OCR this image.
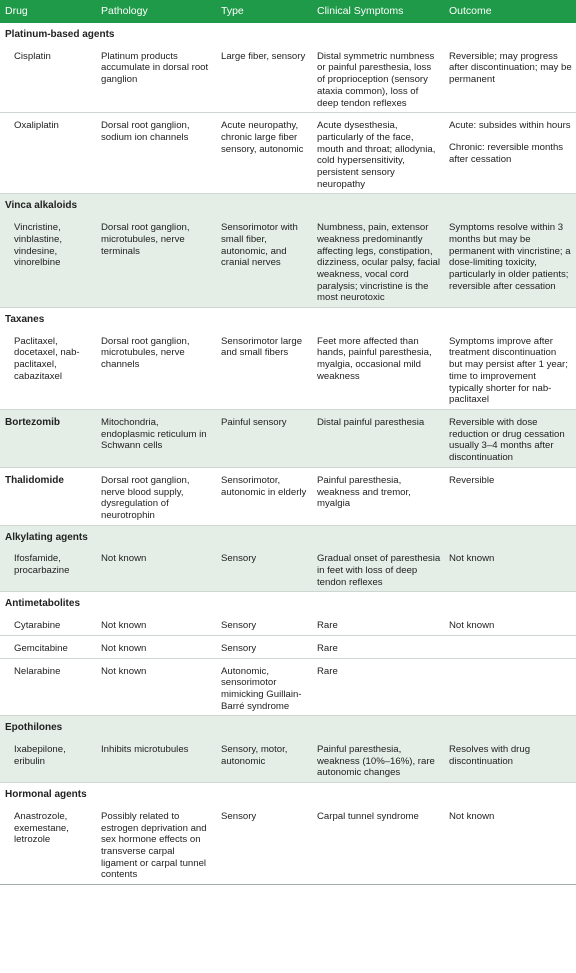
Drug	Pathology	Type	Clinical Symptoms	Outcome
Platinum-based agents				
Cisplatin	Platinum products accumulate in dorsal root ganglion	Large fiber, sensory	Distal symmetric numbness or painful paresthesia, loss of proprioception (sensory ataxia common), loss of deep tendon reflexes	Reversible; may progress after discontinuation; may be permanent
Oxaliplatin	Dorsal root ganglion, sodium ion channels	Acute neuropathy, chronic large fiber sensory, autonomic	Acute dysesthesia, particularly of the face, mouth and throat; allodynia, cold hypersensitivity, persistent sensory neuropathy	Acute: subsides within hours
Chronic: reversible months after cessation

Vinca alkaloids				
Vincristine, vinblastine, vindesine, vinorelbine	Dorsal root ganglion, microtubules, nerve terminals	Sensorimotor with small fiber, autonomic, and cranial nerves	Numbness, pain, extensor weakness predominantly affecting legs, constipation, dizziness, ocular palsy, facial weakness, vocal cord paralysis; vincristine is the most neurotoxic	Symptoms resolve within 3 months but may be permanent with vincristine; a dose-limiting toxicity, particularly in older patients; reversible after cessation
Taxanes				
Paclitaxel, docetaxel, nab-paclitaxel, cabazitaxel	Dorsal root ganglion, microtubules, nerve channels	Sensorimotor large and small fibers	Feet more affected than hands, painful paresthesia, myalgia, occasional mild weakness	Symptoms improve after treatment discontinuation but may persist after 1 year; time to improvement typically shorter for nab-paclitaxel
Bortezomib	Mitochondria, endoplasmic reticulum in Schwann cells	Painful sensory	Distal painful paresthesia	Reversible with dose reduction or drug cessation usually 3–4 months after discontinuation
Thalidomide	Dorsal root ganglion, nerve blood supply, dysregulation of neurotrophin	Sensorimotor, autonomic in elderly	Painful paresthesia, weakness and tremor, myalgia	Reversible
Alkylating agents				
Ifosfamide, procarbazine	Not known	Sensory	Gradual onset of paresthesia in feet with loss of deep tendon reflexes	Not known
Antimetabolites				
Cytarabine	Not known	Sensory	Rare	Not known
Gemcitabine	Not known	Sensory	Rare	
Nelarabine	Not known	Autonomic, sensorimotor mimicking Guillain-Barré syndrome	Rare	
Epothilones				
Ixabepilone, eribulin	Inhibits microtubules	Sensory, motor, autonomic	Painful paresthesia, weakness (10%–16%), rare autonomic changes	Resolves with drug discontinuation
Hormonal agents				
Anastrozole, exemestane, letrozole	Possibly related to estrogen deprivation and sex hormone effects on transverse carpal ligament or carpal tunnel contents	Sensory	Carpal tunnel syndrome	Not known
